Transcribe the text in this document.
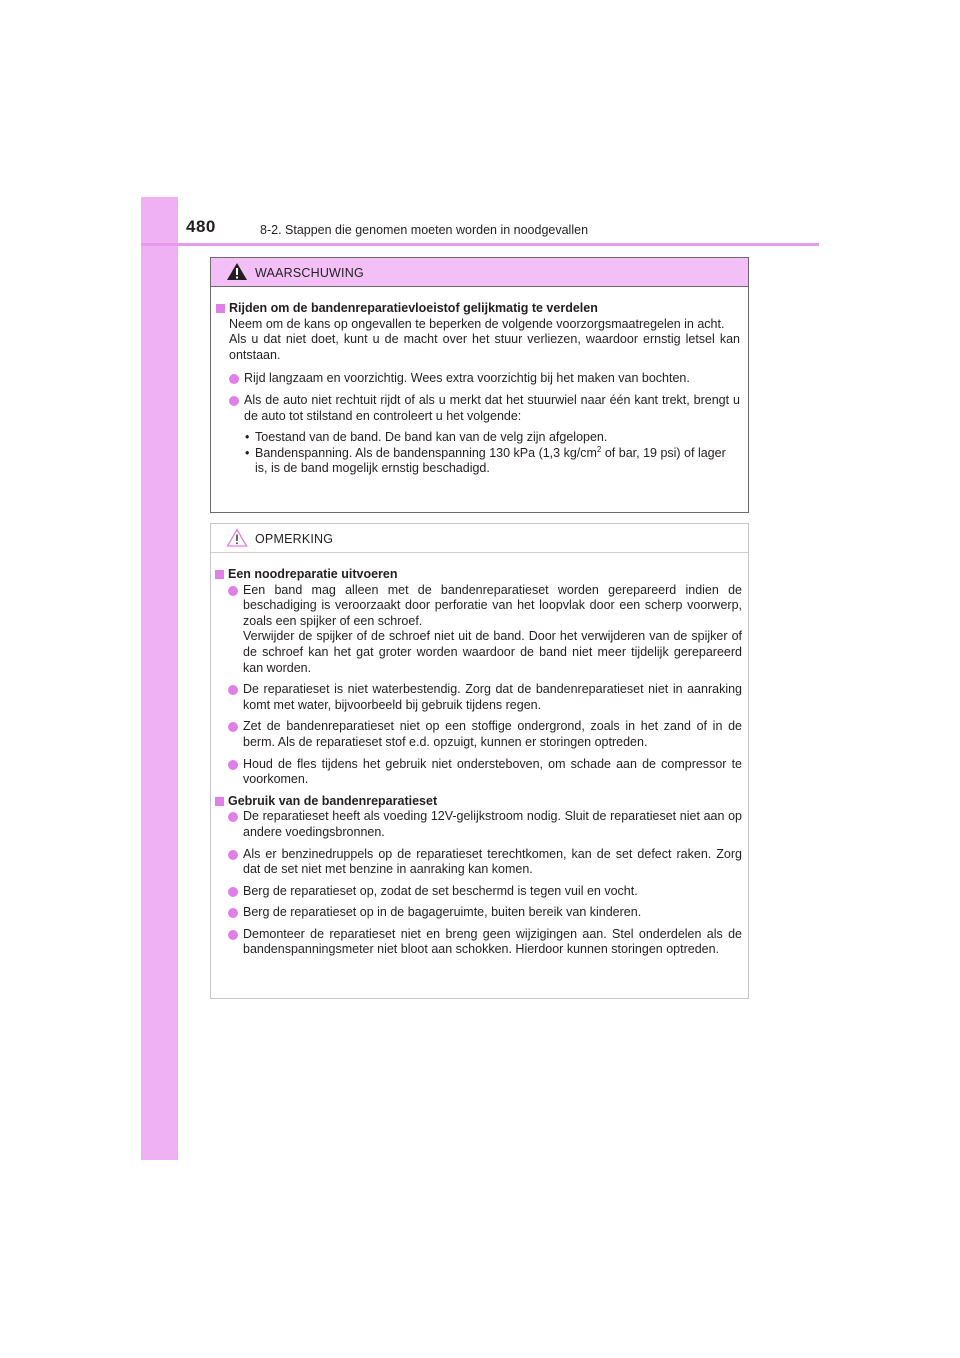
480	8-2. Stappen die genomen moeten worden in noodgevallen
WAARSCHUWING
Rijden om de bandenreparatievloeistof gelijkmatig te verdelen
Neem om de kans op ongevallen te beperken de volgende voorzorgsmaatregelen in acht.
Als u dat niet doet, kunt u de macht over het stuur verliezen, waardoor ernstig letsel kan ontstaan.
Rijd langzaam en voorzichtig. Wees extra voorzichtig bij het maken van bochten.
Als de auto niet rechtuit rijdt of als u merkt dat het stuurwiel naar één kant trekt, brengt u de auto tot stilstand en controleert u het volgende:
• Toestand van de band. De band kan van de velg zijn afgelopen.
• Bandenspanning. Als de bandenspanning 130 kPa (1,3 $kg/cm^2$ of bar, 19 psi) of lager is, is de band mogelijk ernstig beschadigd.
OPMERKING
Een noodreparatie uitvoeren
Een band mag alleen met de bandenreparatieset worden gerepareerd indien de beschadiging is veroorzaakt door perforatie van het loopvlak door een scherp voorwerp, zoals een spijker of een schroef.
Verwijder de spijker of de schroef niet uit de band. Door het verwijderen van de spijker of de schroef kan het gat groter worden waardoor de band niet meer tijdelijk gerepareerd kan worden.
De reparatieset is niet waterbestendig. Zorg dat de bandenreparatieset niet in aanraking komt met water, bijvoorbeeld bij gebruik tijdens regen.
Zet de bandenreparatieset niet op een stoffige ondergrond, zoals in het zand of in de berm. Als de reparatieset stof e.d. opzuigt, kunnen er storingen optreden.
Houd de fles tijdens het gebruik niet ondersteboven, om schade aan de compressor te voorkomen.
Gebruik van de bandenreparatieset
De reparatieset heeft als voeding 12V-gelijkstroom nodig. Sluit de reparatieset niet aan op andere voedingsbronnen.
Als er benzinedruppels op de reparatieset terechtkomen, kan de set defect raken. Zorg dat de set niet met benzine in aanraking kan komen.
Berg de reparatieset op, zodat de set beschermd is tegen vuil en vocht.
Berg de reparatieset op in de bagageruimte, buiten bereik van kinderen.
Demonteer de reparatieset niet en breng geen wijzigingen aan. Stel onderdelen als de bandenspanningsmeter niet bloot aan schokken. Hierdoor kunnen storingen optreden.
